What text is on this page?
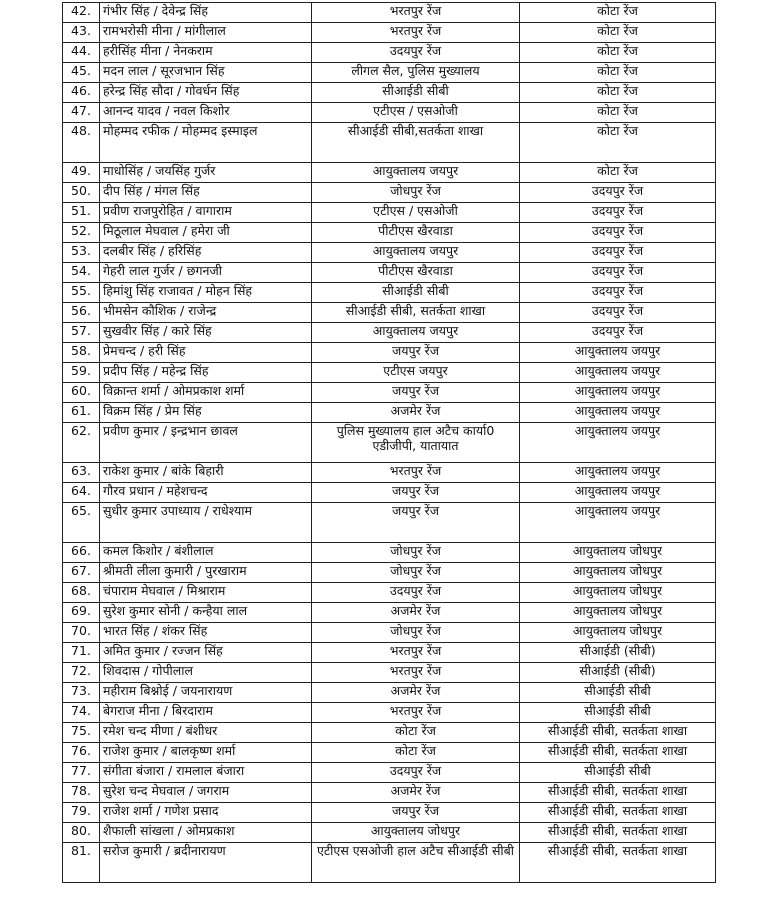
42.	गंभीर सिंह / देवेन्द्र सिंह	भरतपुर रेंज	कोटा रेंज
43.	रामभरोसी मीना / मांगीलाल	भरतपुर रेंज	कोटा रेंज
44.	हरीसिंह मीना / नेनकराम	उदयपुर रेंज	कोटा रेंज
45.	मदन लाल / सूरजभान सिंह	लीगल सैल, पुलिस मुख्यालय	कोटा रेंज
46.	हरेन्द्र सिंह सौदा / गोवर्धन सिंह	सीआईडी सीबी	कोटा रेंज
47.	आनन्द यादव / नवल किशोर	एटीएस / एसओजी	कोटा रेंज
48.	मोहम्मद रफीक / मोहम्मद इस्माइल	सीआईडी सीबी,सतर्कता शाखा	कोटा रेंज
49.	माधोसिंह / जयसिंह गुर्जर	आयुक्तालय जयपुर	कोटा रेंज
50.	दीप सिंह / मंगल सिंह	जोधपुर रेंज	उदयपुर रेंज
51.	प्रवीण राजपुरोहित / वागाराम	एटीएस / एसओजी	उदयपुर रेंज
52.	मिठूलाल मेघवाल / हमेरा जी	पीटीएस खैरवाडा	उदयपुर रेंज
53.	दलबीर सिंह / हरिसिंह	आयुक्तालय जयपुर	उदयपुर रेंज
54.	गेहरी लाल गुर्जर / छगनजी	पीटीएस खैरवाडा	उदयपुर रेंज
55.	हिमांशु सिंह राजावत / मोहन सिंह	सीआईडी सीबी	उदयपुर रेंज
56.	भीमसेन कौशिक / राजेन्द्र	सीआईडी सीबी, सतर्कता शाखा	उदयपुर रेंज
57.	सुखवीर सिंह / कारे सिंह	आयुक्तालय जयपुर	उदयपुर रेंज
58.	प्रेमचन्द / हरी सिंह	जयपुर रेंज	आयुक्तालय जयपुर
59.	प्रदीप सिंह / महेन्द्र सिंह	एटीएस जयपुर	आयुक्तालय जयपुर
60.	विक्रान्त शर्मा / ओमप्रकाश शर्मा	जयपुर रेंज	आयुक्तालय जयपुर
61.	विक्रम सिंह / प्रेम सिंह	अजमेर रेंज	आयुक्तालय जयपुर
62.	प्रवीण कुमार / इन्द्रभान छावल	पुलिस मुख्यालय हाल अटैच कार्या0 एडीजीपी, यातायात	आयुक्तालय जयपुर
63.	राकेश कुमार / बांके बिहारी	भरतपुर रेंज	आयुक्तालय जयपुर
64.	गौरव प्रधान / महेशचन्द	जयपुर रेंज	आयुक्तालय जयपुर
65.	सुधीर कुमार उपाध्याय / राधेश्याम	जयपुर रेंज	आयुक्तालय जयपुर
66.	कमल किशोर / बंशीलाल	जोधपुर रेंज	आयुक्तालय जोधपुर
67.	श्रीमती लीला कुमारी / पुरखाराम	जोधपुर रेंज	आयुक्तालय जोधपुर
68.	चंपाराम मेघवाल / मिश्राराम	उदयपुर रेंज	आयुक्तालय जोधपुर
69.	सुरेश कुमार सोनी / कन्हैया लाल	अजमेर रेंज	आयुक्तालय जोधपुर
70.	भारत सिंह / शंकर सिंह	जोधपुर रेंज	आयुक्तालय जोधपुर
71.	अमित कुमार / रज्जन सिंह	भरतपुर रेंज	सीआईडी (सीबी)
72.	शिवदास / गोपीलाल	भरतपुर रेंज	सीआईडी (सीबी)
73.	महीराम बिश्नोई / जयनारायण	अजमेर रेंज	सीआईडी सीबी
74.	बेगराज मीना / बिरदाराम	भरतपुर रेंज	सीआईडी सीबी
75.	रमेश चन्द मीणा / बंशीधर	कोटा रेंज	सीआईडी सीबी, सतर्कता शाखा
76.	राजेश कुमार / बालकृष्ण शर्मा	कोटा रेंज	सीआईडी सीबी, सतर्कता शाखा
77.	संगीता बंजारा / रामलाल बंजारा	उदयपुर रेंज	सीआईडी सीबी
78.	सुरेश चन्द मेघवाल / जगराम	अजमेर रेंज	सीआईडी सीबी, सतर्कता शाखा
79.	राजेश शर्मा / गणेश प्रसाद	जयपुर रेंज	सीआईडी सीबी, सतर्कता शाखा
80.	शैफाली सांखला / ओमप्रकाश	आयुक्तालय जोधपुर	सीआईडी सीबी, सतर्कता शाखा
81.	सरोज कुमारी / ब्रदीनारायण	एटीएस एसओजी हाल अटैच सीआईडी सीबी	सीआईडी सीबी, सतर्कता शाखा
